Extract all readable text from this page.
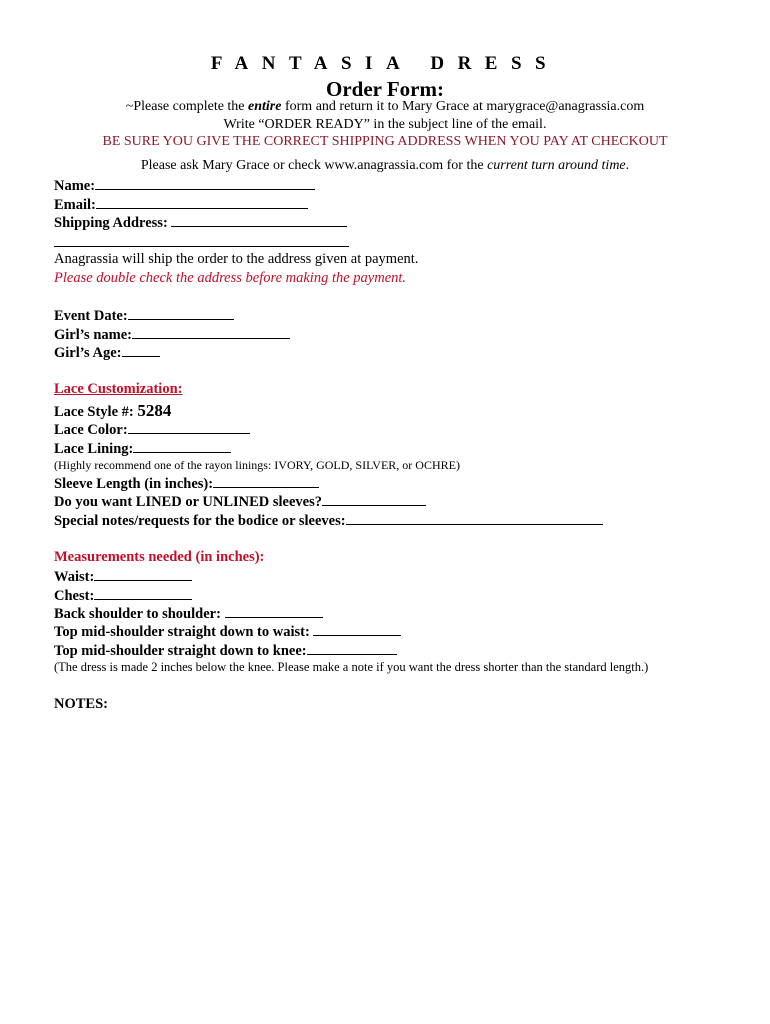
FANTASIA DRESS
Order Form:
~Please complete the entire form and return it to Mary Grace at marygrace@anagrassia.com
Write “ORDER READY” in the subject line of the email.
BE SURE YOU GIVE THE CORRECT SHIPPING ADDRESS WHEN YOU PAY AT CHECKOUT
Please ask Mary Grace or check www.anagrassia.com for the current turn around time.
Name:
Email:
Shipping Address:
Anagrassia will ship the order to the address given at payment.
Please double check the address before making the payment.
Event Date:
Girl’s name:
Girl’s Age:
Lace Customization:
Lace Style #: 5284
Lace Color:
Lace Lining:
(Highly recommend one of the rayon linings: IVORY, GOLD, SILVER, or OCHRE)
Sleeve Length (in inches):
Do you want LINED or UNLINED sleeves?
Special notes/requests for the bodice or sleeves:
Measurements needed (in inches):
Waist:
Chest:
Back shoulder to shoulder:
Top mid-shoulder straight down to waist:
Top mid-shoulder straight down to knee:
(The dress is made 2 inches below the knee. Please make a note if you want the dress shorter than the standard length.)
NOTES:
